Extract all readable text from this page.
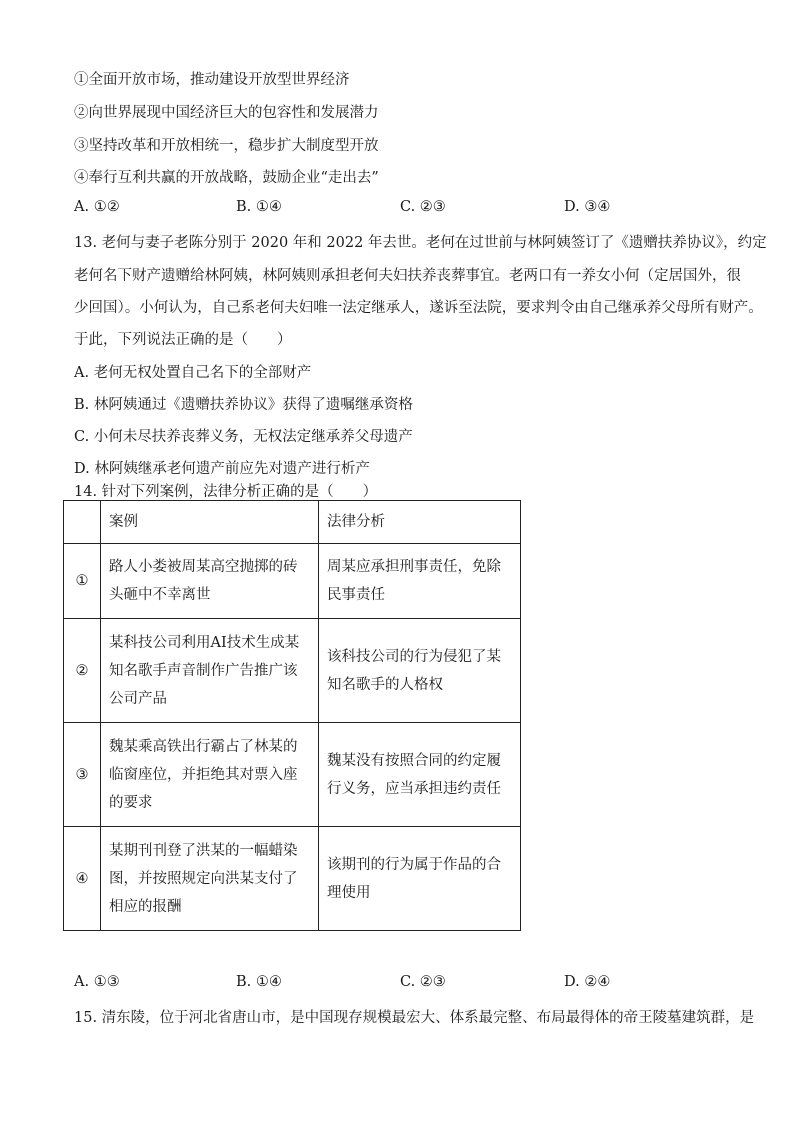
①全面开放市场，推动建设开放型世界经济
②向世界展现中国经济巨大的包容性和发展潜力
③坚持改革和开放相统一，稳步扩大制度型开放
④奉行互利共赢的开放战略，鼓励企业“走出去”
A. ①②	B. ①④	C. ②③	D. ③④
13. 老何与妻子老陈分别于 2020 年和 2022 年去世。老何在过世前与林阿姨签订了《遗赠扶养协议》，约定
老何名下财产遗赠给林阿姨，林阿姨则承担老何夫妇扶养丧葬事宜。老两口有一养女小何（定居国外，很
少回国）。小何认为，自己系老何夫妇唯一法定继承人，遂诉至法院，要求判令由自己继承养父母所有财产。
于此，下列说法正确的是（　　）
A. 老何无权处置自己名下的全部财产
B. 林阿姨通过《遗赠扶养协议》获得了遗嘱继承资格
C. 小何未尽扶养丧葬义务，无权法定继承养父母遗产
D. 林阿姨继承老何遗产前应先对遗产进行析产
14. 针对下列案例，法律分析正确的是（　　）
	案例	法律分析
①	路人小娄被周某高空抛掷的砖头砸中不幸离世	周某应承担刑事责任，免除民事责任
②	某科技公司利用AI技术生成某知名歌手声音制作广告推广该公司产品	该科技公司的行为侵犯了某知名歌手的人格权
③	魏某乘高铁出行霸占了林某的临窗座位，并拒绝其对票入座的要求	魏某没有按照合同的约定履行义务，应当承担违约责任
④	某期刊刊登了洪某的一幅蜡染图，并按照规定向洪某支付了相应的报酬	该期刊的行为属于作品的合理使用
A. ①③	B. ①④	C. ②③	D. ②④
15. 清东陵，位于河北省唐山市，是中国现存规模最宏大、体系最完整、布局最得体的帝王陵墓建筑群，是
